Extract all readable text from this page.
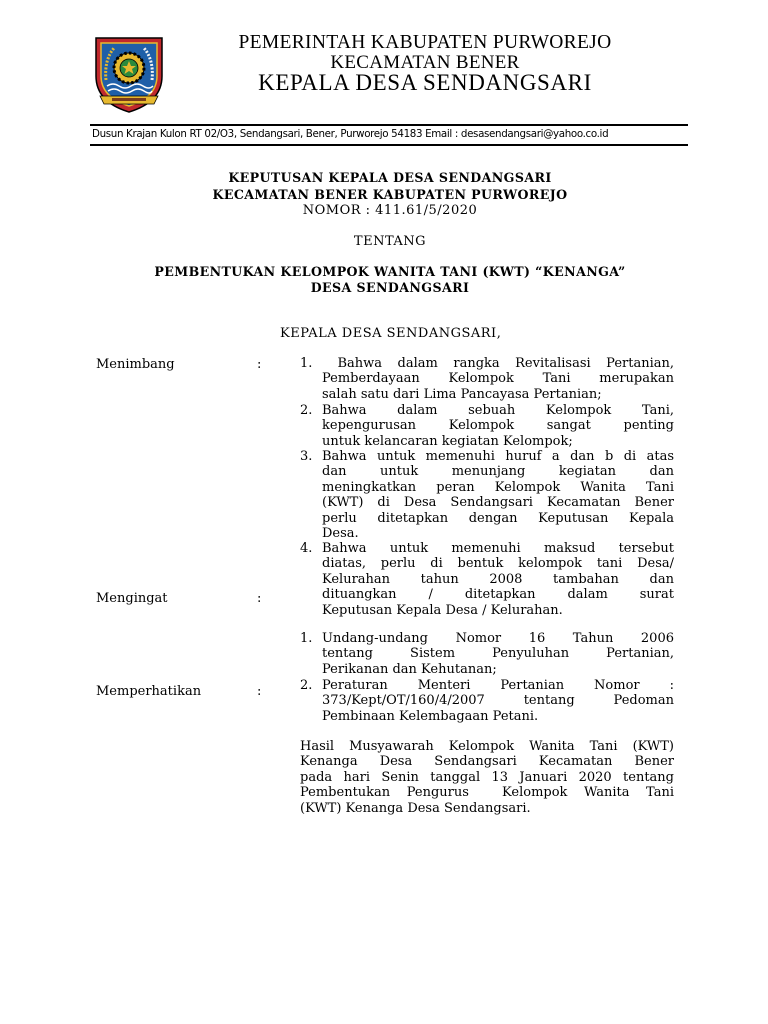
PEMERINTAH KABUPATEN PURWOREJO
KECAMATAN BENER
KEPALA DESA SENDANGSARI
Dusun Krajan Kulon RT 02/O3, Sendangsari, Bener, Purworejo 54183 Email : desasendangsari@yahoo.co.id
KEPUTUSAN KEPALA DESA SENDANGSARI
KECAMATAN BENER KABUPATEN PURWOREJO
NOMOR : 411.61/5/2020
TENTANG
PEMBENTUKAN KELOMPOK WANITA TANI (KWT) “KENANGA”
DESA SENDANGSARI
KEPALA DESA SENDANGSARI,
Menimbang	:	1. Bahwa dalam rangka Revitalisasi Pertanian,
Pemberdayaan Kelompok Tani merupakan
salah satu dari Lima Pancayasa Pertanian;
2. Bahwa dalam sebuah Kelompok Tani,
kepengurusan Kelompok sangat penting
untuk kelancaran kegiatan Kelompok;
3. Bahwa untuk memenuhi huruf a dan b di atas
dan untuk menunjang kegiatan dan
meningkatkan peran Kelompok Wanita Tani
(KWT) di Desa Sendangsari Kecamatan Bener
perlu ditetapkan dengan Keputusan Kepala
Desa.
4. Bahwa untuk memenuhi maksud tersebut
diatas, perlu di bentuk kelompok tani Desa/
Kelurahan tahun 2008 tambahan dan
dituangkan / ditetapkan dalam surat
Keputusan Kepala Desa / Kelurahan.
Mengingat	:
1. Undang-undang Nomor 16 Tahun 2006
tentang Sistem Penyuluhan Pertanian,
Perikanan dan Kehutanan;
2. Peraturan Menteri Pertanian Nomor :
373/Kept/OT/160/4/2007 tentang Pedoman
Pembinaan Kelembagaan Petani.
Memperhatikan	:
Hasil Musyawarah Kelompok Wanita Tani (KWT)
Kenanga Desa Sendangsari Kecamatan Bener
pada hari Senin tanggal 13 Januari 2020 tentang
Pembentukan Pengurus  Kelompok Wanita Tani
(KWT) Kenanga Desa Sendangsari.
